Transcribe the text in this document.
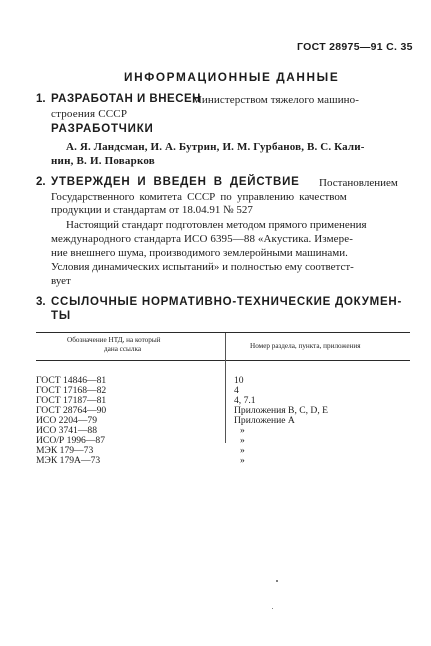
ГОСТ 28975—91 С. 35
ИНФОРМАЦИОННЫЕ ДАННЫЕ
1. РАЗРАБОТАН И ВНЕСЕН
Министерством тяжелого машино-
строения СССР
РАЗРАБОТЧИКИ
А. Я. Ландсман, И. А. Бутрин, И. М. Гурбанов, В. С. Кали-
нин, В. И. Поварков
2. УТВЕРЖДЕН И ВВЕДЕН В ДЕЙСТВИЕ Постановлением
Государственного комитета СССР по управлению качеством
продукции и стандартам от 18.04.91 № 527
Настоящий стандарт подготовлен методом прямого применения
международного стандарта ИСО 6395—88 «Акустика. Измере-
ние внешнего шума, производимого землеройными машинами.
Условия динамических испытаний» и полностью ему соответст-
вует
3. ССЫЛОЧНЫЕ НОРМАТИВНО-ТЕХНИЧЕСКИЕ ДОКУМЕН-
ТЫ
Обозначение НТД, на который
дана ссылка	Номер раздела, пункта, приложения
ГОСТ 14846—81
ГОСТ 17168—82
ГОСТ 17187—81
ГОСТ 28764—90
ИСО 2204—79
ИСО 3741—88
ИСО/Р 1996—87
МЭК 179—73
МЭК 179А—73
10
4
4, 7.1
Приложения B, C, D, E
Приложение А
»
»
»
»
